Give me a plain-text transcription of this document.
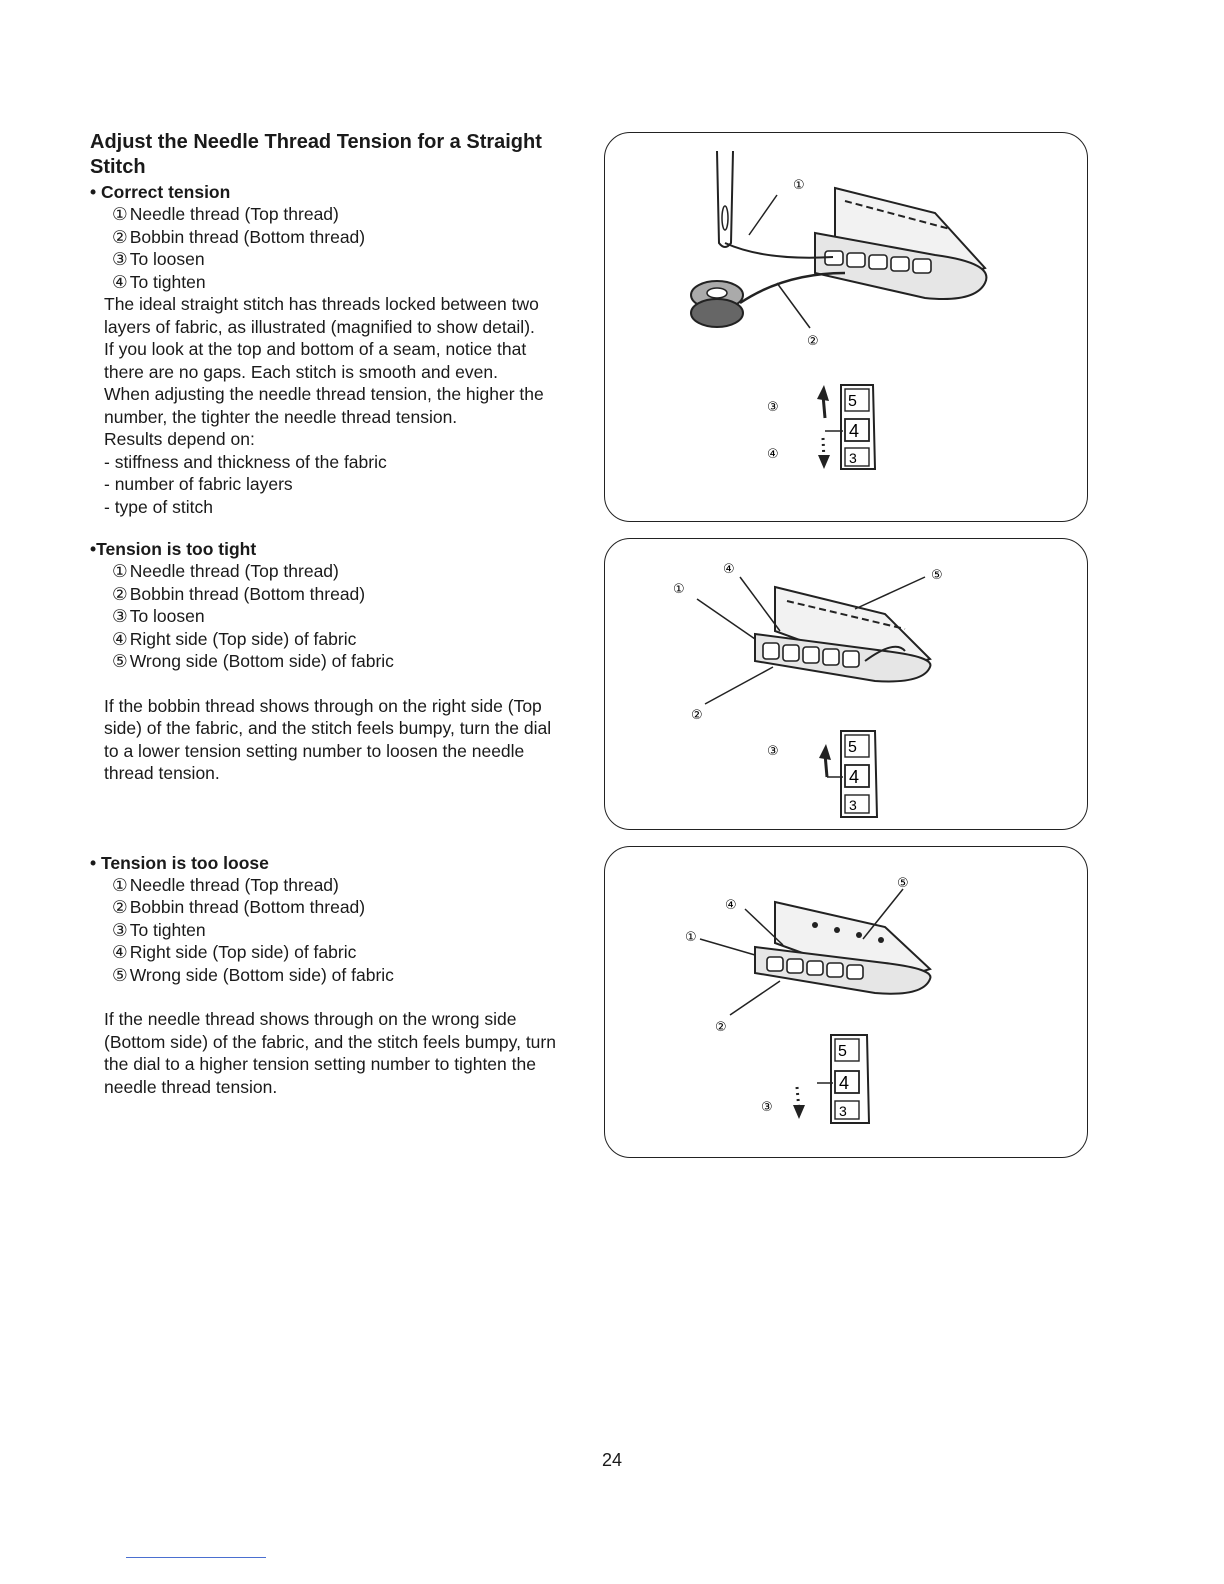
Adjust the Needle Thread Tension for a Straight Stitch
• Correct tension
① Needle thread (Top thread)
② Bobbin thread (Bottom thread)
③ To loosen
④ To tighten
The ideal straight stitch has threads locked between two
layers of fabric, as illustrated (magnified to show detail).
If you look at the top and bottom of a seam, notice that
there are no gaps. Each stitch is smooth and even.
When adjusting the needle thread tension, the higher the
number, the tighter the needle thread tension.
Results depend on:
- stiffness and thickness of the fabric
- number of fabric layers
- type of stitch
•Tension is too tight
① Needle thread (Top thread)
② Bobbin thread (Bottom thread)
③ To loosen
④ Right side (Top side) of fabric
⑤ Wrong side (Bottom side) of fabric
If the bobbin thread shows through on the right side (Top
side) of the fabric, and the stitch feels bumpy, turn the dial
to a lower tension setting number to loosen the needle
thread tension.
• Tension is too loose
① Needle thread (Top thread)
② Bobbin thread (Bottom thread)
③ To tighten
④ Right side (Top side) of fabric
⑤ Wrong side (Bottom side) of fabric
If the needle thread shows through on the wrong side
(Bottom side) of the fabric, and the stitch feels bumpy, turn
the dial to a higher tension setting number to tighten the
needle thread tension.
①
②
③
④
5
4
3
①
②
④	⑤
③	5
4
3
①
②
④
⑤
③
5
4
3
24
